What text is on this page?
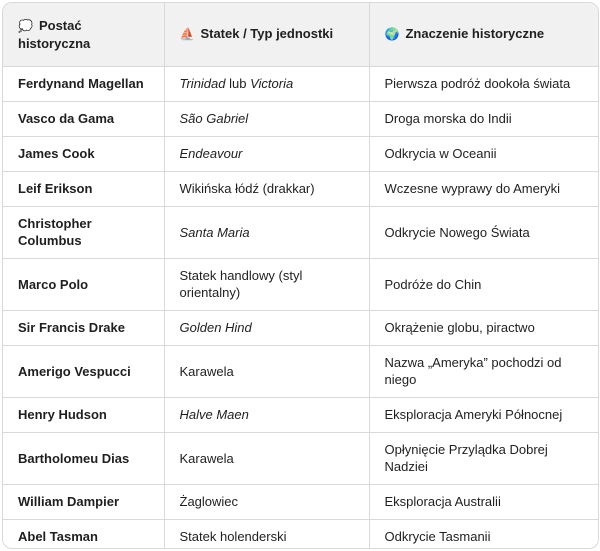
💭 Postać historyczna	⛵ Statek / Typ jednostki	🌍 Znaczenie historyczne
Ferdynand Magellan	Trinidad lub Victoria	Pierwsza podróż dookoła świata
Vasco da Gama	São Gabriel	Droga morska do Indii
James Cook	Endeavour	Odkrycia w Oceanii
Leif Erikson	Wikińska łódź (drakkar)	Wczesne wyprawy do Ameryki
Christopher Columbus	Santa Maria	Odkrycie Nowego Świata
Marco Polo	Statek handlowy (styl orientalny)	Podróże do Chin
Sir Francis Drake	Golden Hind	Okrążenie globu, piractwo
Amerigo Vespucci	Karawela	Nazwa „Ameryka” pochodzi od niego
Henry Hudson	Halve Maen	Eksploracja Ameryki Północnej
Bartholomeu Dias	Karawela	Opłynięcie Przylądka Dobrej Nadziei
William Dampier	Żaglowiec	Eksploracja Australii
Abel Tasman	Statek holenderski	Odkrycie Tasmanii
